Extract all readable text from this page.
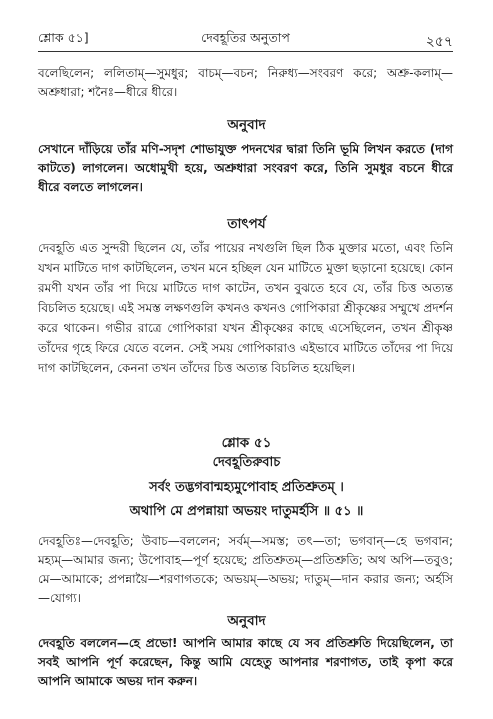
শ্লোক ৫১]	দেবহূতির অনুতাপ	২৫৭
বলেছিলেন; ললিতাম্—সুমধুর; বাচম্—বচন; নিরুধ্য—সংবরণ করে; অশ্রু-কলাম্—অশ্রুধারা; শনৈঃ—ধীরে ধীরে।
অনুবাদ
সেখানে দাঁড়িয়ে তাঁর মণি-সদৃশ শোভাযুক্ত পদনখের দ্বারা তিনি ভূমি লিখন করতে (দাগ কাটতে) লাগলেন। অধোমুখী হয়ে, অশ্রুধারা সংবরণ করে, তিনি সুমধুর বচনে ধীরে ধীরে বলতে লাগলেন।
তাৎপর্য
দেবহূতি এত সুন্দরী ছিলেন যে, তাঁর পায়ের নখগুলি ছিল ঠিক মুক্তার মতো, এবং তিনি যখন মাটিতে দাগ কাটছিলেন, তখন মনে হচ্ছিল যেন মাটিতে মুক্তা ছড়ানো হয়েছে। কোন রমণী যখন তাঁর পা দিয়ে মাটিতে দাগ কাটেন, তখন বুঝতে হবে যে, তাঁর চিত্ত অত্যন্ত বিচলিত হয়েছে। এই সমস্ত লক্ষণগুলি কখনও কখনও গোপিকারা শ্রীকৃষ্ণের সম্মুখে প্রদর্শন করে থাকেন। গভীর রাত্রে গোপিকারা যখন শ্রীকৃষ্ণের কাছে এসেছিলেন, তখন শ্রীকৃষ্ণ তাঁদের গৃহে ফিরে যেতে বলেন. সেই সময় গোপিকারাও এইভাবে মাটিতে তাঁদের পা দিয়ে দাগ কাটছিলেন, কেননা তখন তাঁদের চিত্ত অত্যন্ত বিচলিত হয়েছিল।
শ্লোক ৫১
দেবহূতিরুবাচ
সর্বং তদ্ভগবান্মহ্যমুপোবাহ প্রতিশ্রুতম্ ।
অথাপি মে প্রপন্নায়া অভয়ং দাতুমর্হসি ॥ ৫১ ॥
দেবহূতিঃ—দেবহূতি; উবাচ—বললেন; সর্বম্—সমস্ত; তৎ—তা; ভগবান্—হে ভগবান; মহ্যম্—আমার জন্য; উপোবাহ—পূর্ণ হয়েছে; প্রতিশ্রুতম্—প্রতিশ্রুতি; অথ অপি—তবুও; মে—আমাকে; প্রপন্নায়ৈ—শরণাগতকে; অভয়ম্—অভয়; দাতুম্—দান করার জন্য; অর্হসি—যোগ্য।
অনুবাদ
দেবহূতি বললেন—হে প্রভো! আপনি আমার কাছে যে সব প্রতিশ্রুতি দিয়েছিলেন, তা সবই আপনি পূর্ণ করেছেন, কিন্তু আমি যেহেতু আপনার শরণাগত, তাই কৃপা করে আপনি আমাকে অভয় দান করুন।
